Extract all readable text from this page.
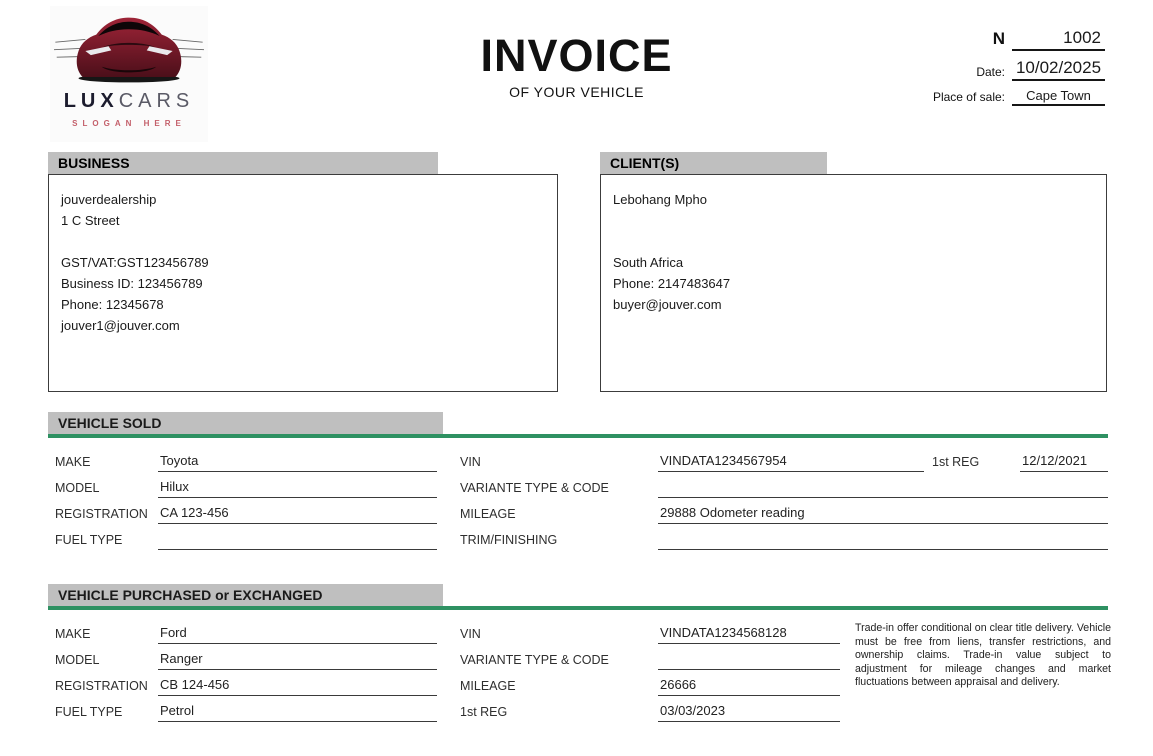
LUXCARS
SLOGAN HERE
INVOICE
OF YOUR VEHICLE
N	1002
Date: 10/02/2025
Place of sale:	Cape Town
BUSINESS
jouverdealership
1 C Street
GST/VAT:GST123456789
Business ID: 123456789
Phone: 12345678
jouver1@jouver.com
CLIENT(S)
Lebohang Mpho
South Africa
Phone: 2147483647
buyer@jouver.com
VEHICLE SOLD
MAKE	Toyota
MODEL	Hilux
REGISTRATION CA 123-456
FUEL TYPE
VIN	VINDATA1234567954	1st REG	12/12/2021
VARIANTE TYPE & CODE
MILEAGE	29888 Odometer reading
TRIM/FINISHING
VEHICLE PURCHASED or EXCHANGED
MAKE	Ford
MODEL	Ranger
REGISTRATION CB 124-456
FUEL TYPE	Petrol
VIN	VINDATA1234568128
VARIANTE TYPE & CODE
MILEAGE	26666
1st REG	03/03/2023
Trade-in offer conditional on clear title delivery. Vehicle must be free from liens, transfer restrictions, and ownership claims. Trade-in value subject to adjustment for mileage changes and market fluctuations between appraisal and delivery.
